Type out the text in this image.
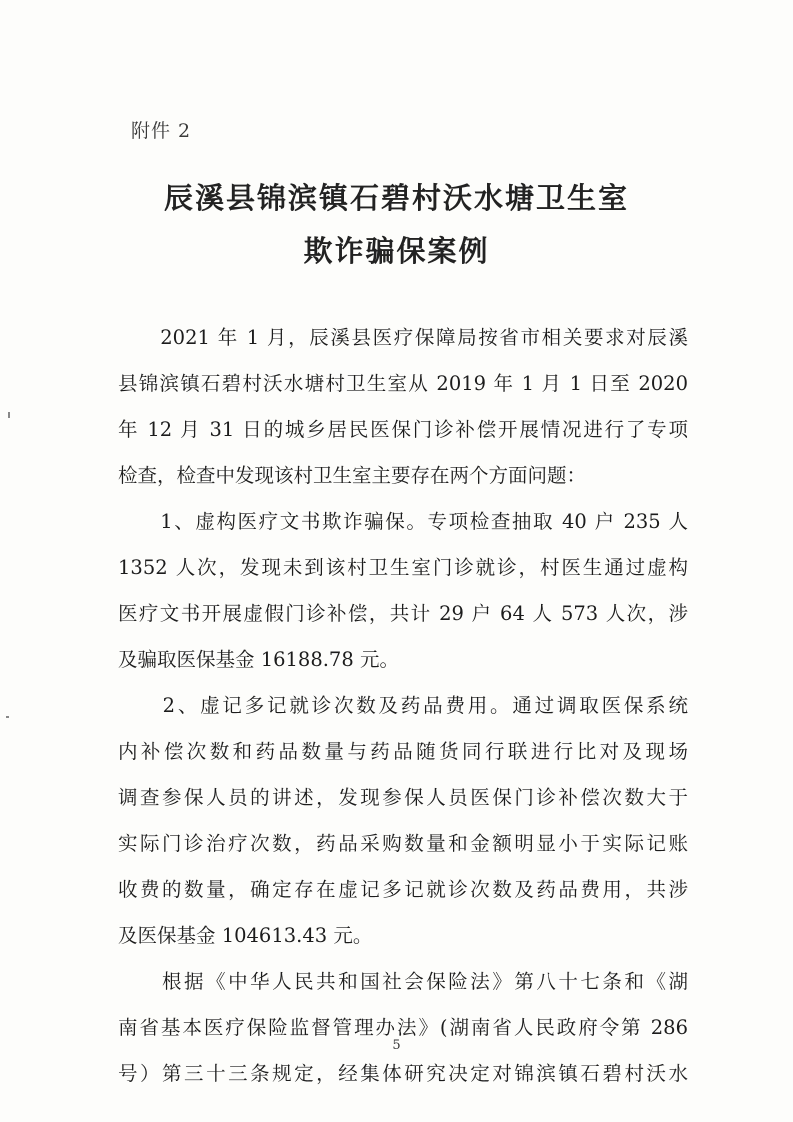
附件 2
辰溪县锦滨镇石碧村沃水塘卫生室
欺诈骗保案例
　　2021 年 1 月，辰溪县医疗保障局按省市相关要求对辰溪
县锦滨镇石碧村沃水塘村卫生室从 2019 年 1 月 1 日至 2020
年 12 月 31 日的城乡居民医保门诊补偿开展情况进行了专项
检查，检查中发现该村卫生室主要存在两个方面问题：
　　1、虚构医疗文书欺诈骗保。专项检查抽取 40 户 235 人
1352 人次，发现未到该村卫生室门诊就诊，村医生通过虚构
医疗文书开展虚假门诊补偿，共计 29 户 64 人 573 人次，涉
及骗取医保基金 16188.78 元。
　　2、虚记多记就诊次数及药品费用。通过调取医保系统
内补偿次数和药品数量与药品随货同行联进行比对及现场
调查参保人员的讲述，发现参保人员医保门诊补偿次数大于
实际门诊治疗次数，药品采购数量和金额明显小于实际记账
收费的数量，确定存在虚记多记就诊次数及药品费用，共涉
及医保基金 104613.43 元。
　　根据《中华人民共和国社会保险法》第八十七条和《湖
南省基本医疗保险监督管理办法》(湖南省人民政府令第 286
号）第三十三条规定，经集体研究决定对锦滨镇石碧村沃水
5
